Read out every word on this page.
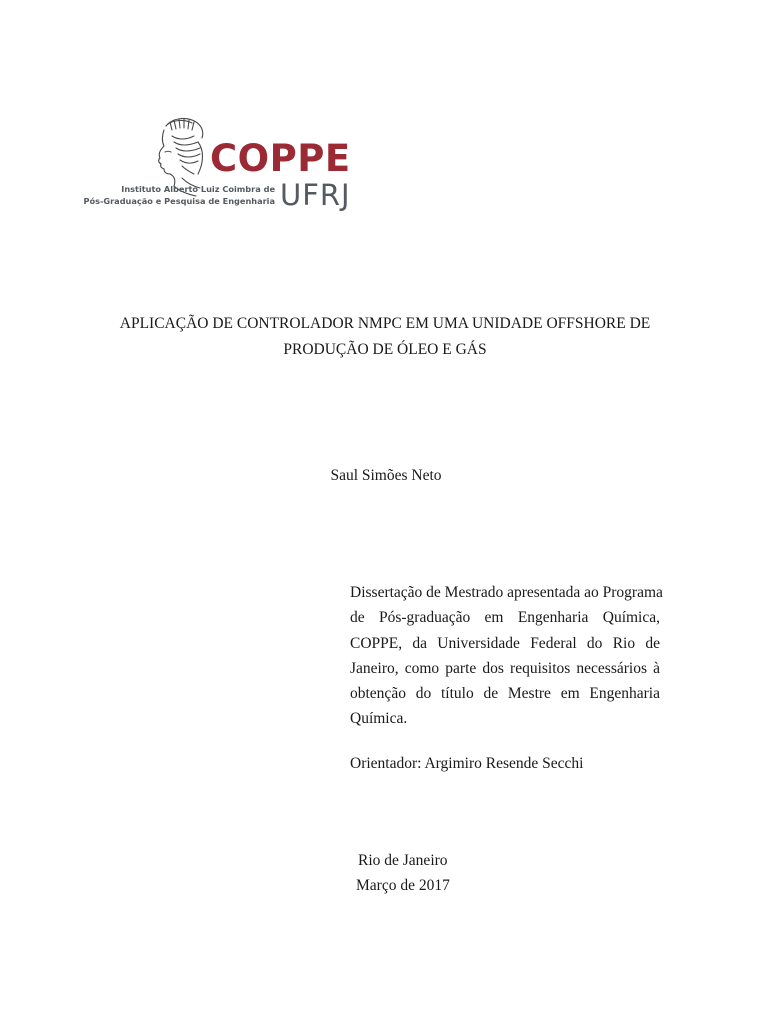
COPPE
Instituto Alberto Luiz Coimbra de
Pós-Graduação e Pesquisa de Engenharia UFRJ
APLICAÇÃO DE CONTROLADOR NMPC EM UMA UNIDADE OFFSHORE DE
PRODUÇÃO DE ÓLEO E GÁS
Saul Simões Neto
Dissertação de Mestrado apresentada ao Programa
de Pós-graduação em Engenharia Química,
COPPE, da Universidade Federal do Rio de
Janeiro, como parte dos requisitos necessários à
obtenção do título de Mestre em Engenharia
Química.
Orientador: Argimiro Resende Secchi
Rio de Janeiro
Março de 2017
